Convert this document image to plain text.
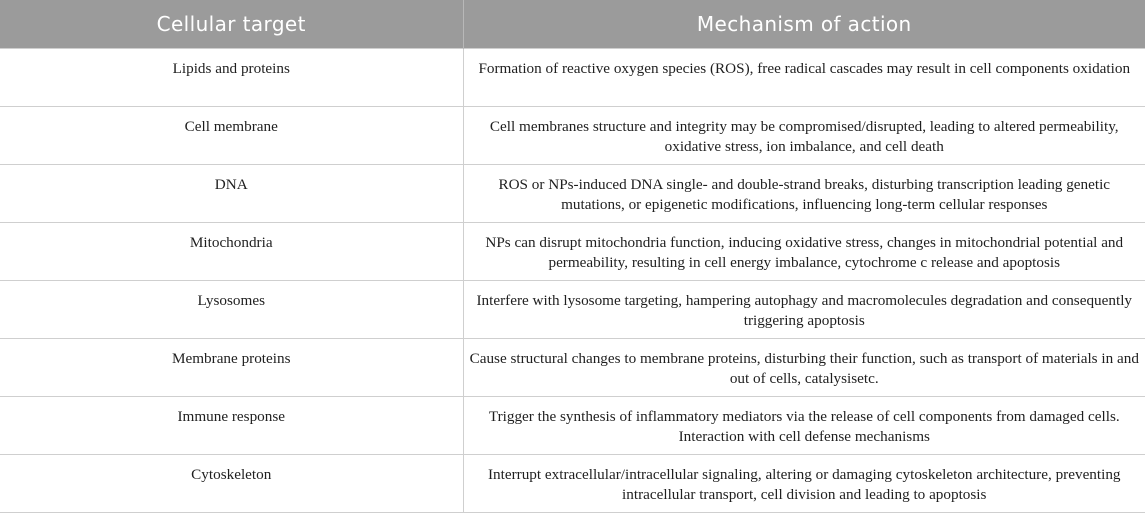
Cellular target	Mechanism of action
Lipids and proteins	Formation of reactive oxygen species (ROS), free radical cascades may result in cell components oxidation
Cell membrane	Cell membranes structure and integrity may be compromised/disrupted, leading to altered permeability, oxidative stress, ion imbalance, and cell death
DNA	ROS or NPs-induced DNA single- and double-strand breaks, disturbing transcription leading genetic mutations, or epigenetic modifications, influencing long-term cellular responses
Mitochondria	NPs can disrupt mitochondria function, inducing oxidative stress, changes in mitochondrial potential and permeability, resulting in cell energy imbalance, cytochrome c release and apoptosis
Lysosomes	Interfere with lysosome targeting, hampering autophagy and macromolecules degradation and consequently triggering apoptosis
Membrane proteins	Cause structural changes to membrane proteins, disturbing their function, such as transport of materials in and out of cells, catalysisetc.
Immune response	Trigger the synthesis of inflammatory mediators via the release of cell components from damaged cells. Interaction with cell defense mechanisms
Cytoskeleton	Interrupt extracellular/intracellular signaling, altering or damaging cytoskeleton architecture, preventing intracellular transport, cell division and leading to apoptosis
